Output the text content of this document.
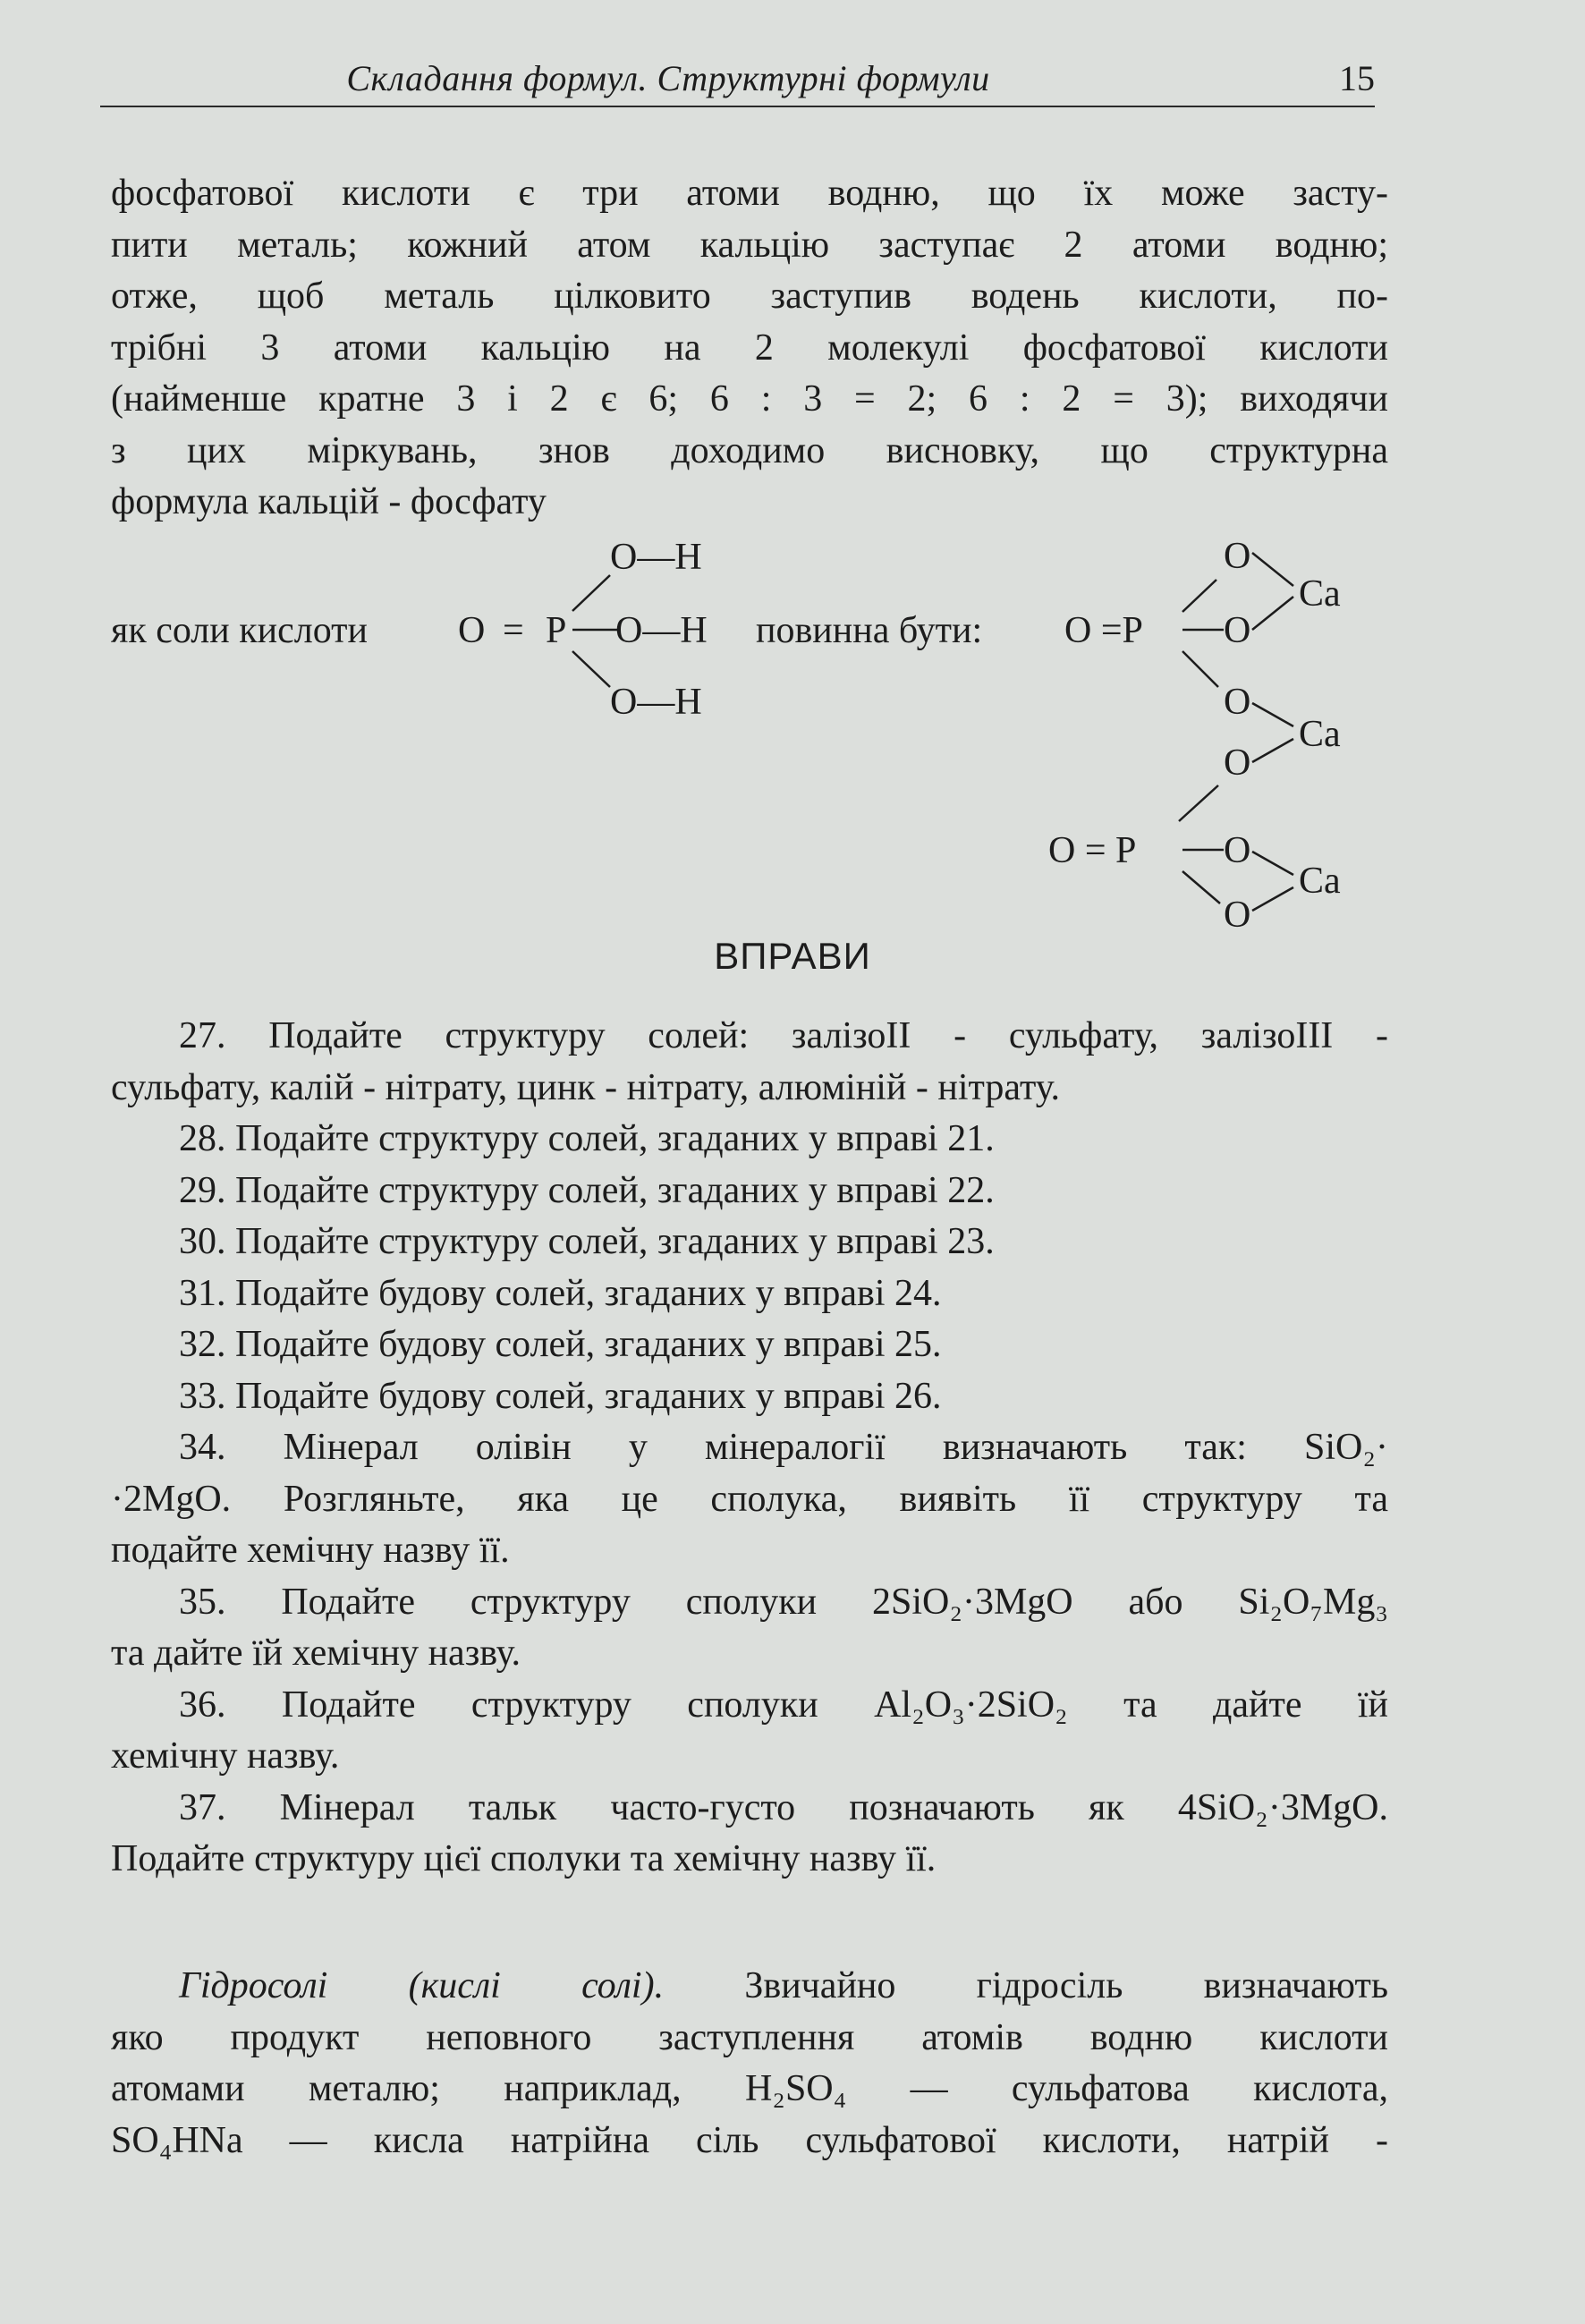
Складання формул. Структурні формули	15
фосфатової кислоти є три атоми водню, що їх може засту-
пити металь; кожний атом кальцію заступає 2 атоми водню;
отже, щоб металь цілковито заступив водень кислоти, по-
трібні 3 атоми кальцію на 2 молекулі фосфатової кислоти
(найменше кратне 3 і 2 є 6; 6 : 3 = 2; 6 : 2 = 3); виходячи
з цих міркувань, знов доходимо висновку, що структурна
формула кальцій - фосфату
як соли кислоти O = P O—H
O—H
O—H
повинна бути: O =P
O
O
Ca
O
O
Ca
O = P O
O
Ca
ВПРАВИ
27. Подайте структуру солей: залізоІІ - сульфату, залізоІІІ -
сульфату, калій - нітрату, цинк - нітрату, алюміній - нітрату.
28. Подайте структуру солей, згаданих у вправі 21.
29. Подайте структуру солей, згаданих у вправі 22.
30. Подайте структуру солей, згаданих у вправі 23.
31. Подайте будову солей, згаданих у вправі 24.
32. Подайте будову солей, згаданих у вправі 25.
33. Подайте будову солей, згаданих у вправі 26.
34. Мінерал олівін у мінералогії визначають так: SiO₂·
·2MgO. Розгляньте, яка це сполука, виявіть її структуру та
подайте хемічну назву її.
35. Подайте структуру сполуки 2SiO₂·3MgO або Si₂O₇Mg₃
та дайте їй хемічну назву.
36. Подайте структуру сполуки Al₂O₃·2SiO₂ та дайте їй
хемічну назву.
37. Мінерал тальк часто-густо позначають як 4SiO₂·3MgO.
Подайте структуру цієї сполуки та хемічну назву її.
Гідросолі (кислі солі). Звичайно гідросіль визначають
яко продукт неповного заступлення атомів водню кислоти
атомами металю; наприклад, H₂SO₄ — сульфатова кислота,
SO₄HNa — кисла натрійна сіль сульфатової кислоти, натрій -
